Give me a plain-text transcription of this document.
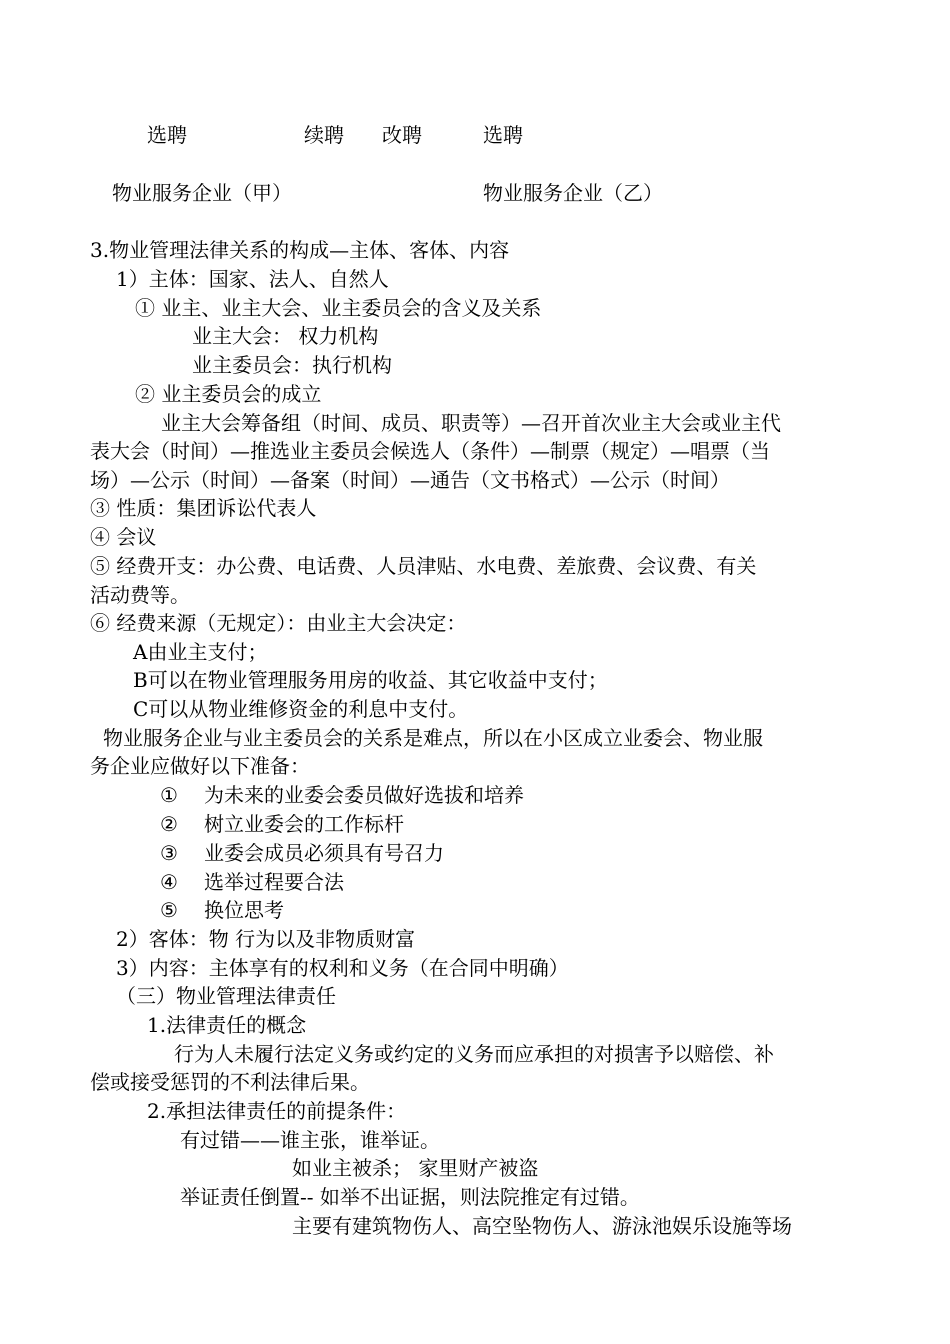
选聘	续聘 改聘	选聘
物业服务企业（甲）	物业服务企业（乙）
3.物业管理法律关系的构成—主体、客体、内容
1）主体：国家、法人、自然人
① 业主、业主大会、业主委员会的含义及关系
业主大会： 权力机构
业主委员会：执行机构
② 业主委员会的成立
业主大会筹备组（时间、成员、职责等）—召开首次业主大会或业主代
表大会（时间）—推选业主委员会候选人（条件）—制票（规定）—唱票（当
场）—公示（时间）—备案（时间）—通告（文书格式）—公示（时间）
③ 性质：集团诉讼代表人
④ 会议
⑤ 经费开支：办公费、电话费、人员津贴、水电费、差旅费、会议费、有关
活动费等。
⑥ 经费来源（无规定）：由业主大会决定：
A由业主支付；
B可以在物业管理服务用房的收益、其它收益中支付；
C可以从物业维修资金的利息中支付。
物业服务企业与业主委员会的关系是难点，所以在小区成立业委会、物业服
务企业应做好以下准备：
① 为未来的业委会委员做好选拔和培养
② 树立业委会的工作标杆
③ 业委会成员必须具有号召力
④ 选举过程要合法
⑤ 换位思考
2）客体：物 行为以及非物质财富
3）内容：主体享有的权利和义务（在合同中明确）
（三）物业管理法律责任
1.法律责任的概念
行为人未履行法定义务或约定的义务而应承担的对损害予以赔偿、补
偿或接受惩罚的不利法律后果。
2.承担法律责任的前提条件：
有过错——谁主张，谁举证。
如业主被杀； 家里财产被盗
举证责任倒置-- 如举不出证据，则法院推定有过错。
主要有建筑物伤人、高空坠物伤人、游泳池娱乐设施等场
